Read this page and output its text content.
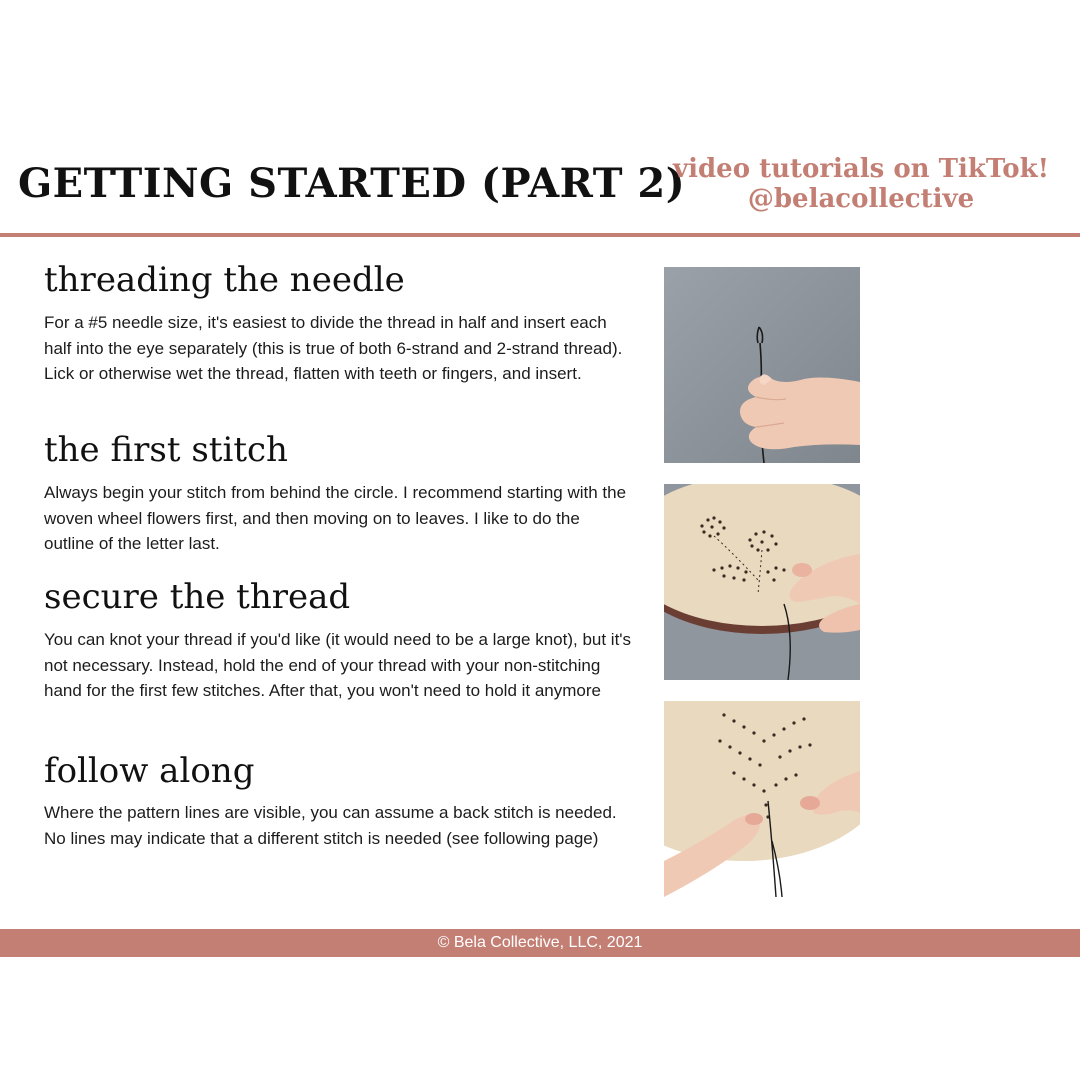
GETTING STARTED (PART 2)
video tutorials on TikTok!
@belacollective
threading the needle

For a #5 needle size, it's easiest to divide the thread in half and insert each half into the eye separately (this is true of both 6-strand and 2-strand thread). Lick or otherwise wet the thread, flatten with teeth or fingers, and insert.

the first stitch

Always begin your stitch from behind the circle. I recommend starting with the woven wheel flowers first, and then moving on to leaves. I like to do the outline of the letter last.

secure the thread

You can knot your thread if you'd like (it would need to be a large knot), but it's not necessary. Instead, hold the end of your thread with your non-stitching hand for the first few stitches. After that, you won't need to hold it anymore

follow along

Where the pattern lines are visible, you can assume a back stitch is needed. No lines may indicate that a different stitch is needed (see following page)

© Bela Collective, LLC, 2021
